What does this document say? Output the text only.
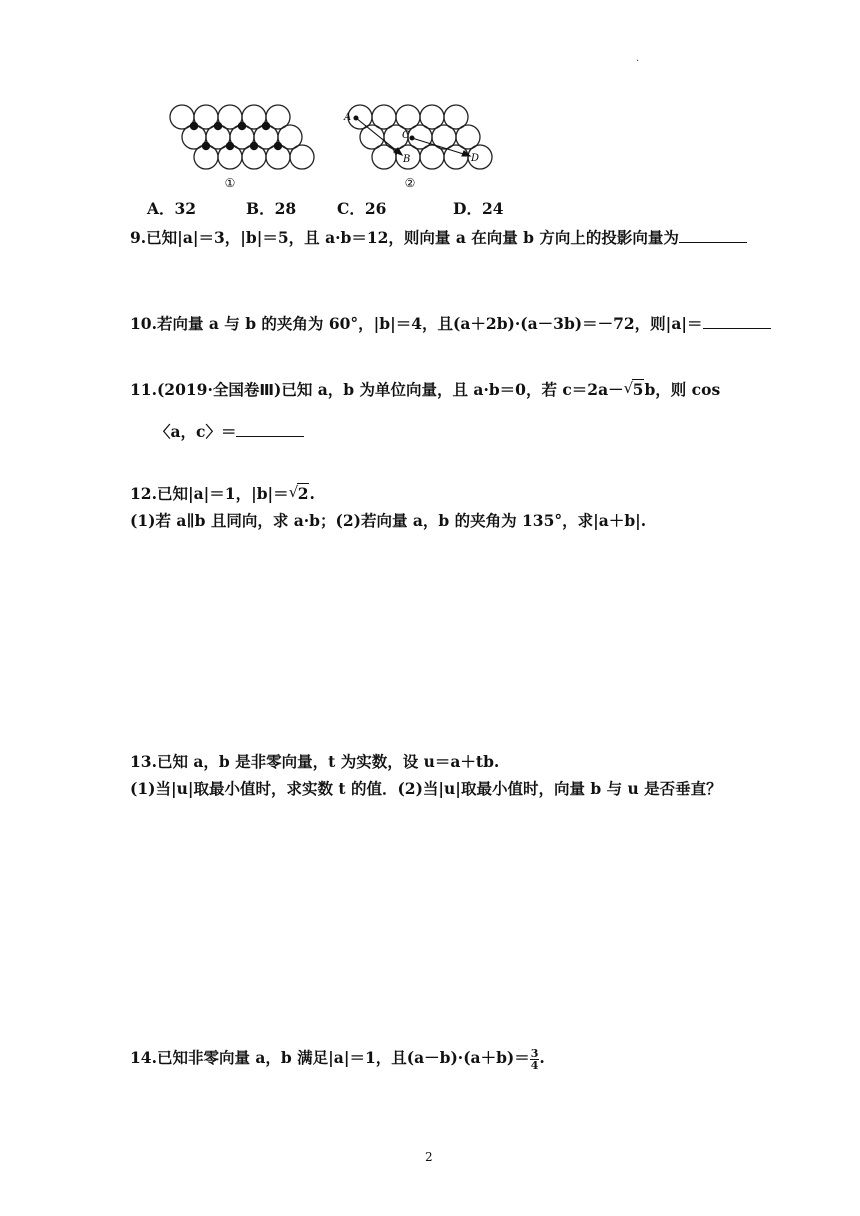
·
①
A
C
B	D
②
A．32	B．28	C．26	D．24
9.已知|a|＝3，|b|＝5，且 a·b＝12，则向量 a 在向量 b 方向上的投影向量为
10.若向量 a 与 b 的夹角为 60°，|b|＝4，且(a＋2b)·(a－3b)＝－72，则|a|＝
11.(2019·全国卷Ⅲ)已知 a，b 为单位向量，且 a·b＝0，若 c＝2a－ √ 5b，则 cos
〈a，c〉＝
12.已知|a|＝1，|b|＝ √ 2.
(1)若 a∥b 且同向，求 a·b；(2)若向量 a，b 的夹角为 135°，求|a＋b|.
13.已知 a，b 是非零向量，t 为实数，设 u＝a＋tb.
(1)当|u|取最小值时，求实数 t 的值．(2)当|u|取最小值时，向量 b 与 u 是否垂直？
14.已知非零向量 a，b 满足|a|＝1，且$(a-b)\cdot(a+b)= \frac{3}{4}$ .
2
